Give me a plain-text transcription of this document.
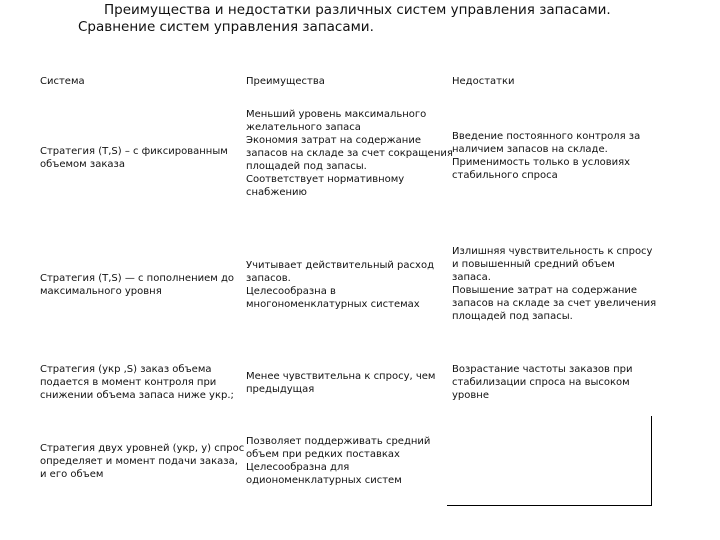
Преимущества и недостатки различных систем управления запасами.
Сравнение систем управления запасами.
Система	Преимущества	Недостатки
Стратегия (T,S) – с фиксированным
объемом заказа
Меньший уровень максимального
желательного запаса
Экономия затрат на содержание
запасов на складе за счет сокращения
площадей под запасы.
Соответствует нормативному
снабжению
Введение постоянного контроля за
наличием запасов на складе.
Применимость только в условиях
стабильного спроса
Стратегия (T,S) — с пополнением до
максимального уровня
Учитывает действительный расход
запасов.
Целесообразна в
многономенклатурных системах
Излишняя чувствительность к спросу
и повышенный средний объем
запаса.
Повышение затрат на содержание
запасов на складе за счет увеличения
площадей под запасы.
Стратегия (укр ,S) заказ объема
подается в момент контроля при
снижении объема запаса ниже укр.;
Менее чувствительна к спросу, чем
предыдущая
Возрастание частоты заказов при
стабилизации спроса на высоком
уровне
Стратегия двух уровней (укр, у) спрос
определяет и момент подачи заказа,
и его объем
Позволяет поддерживать средний
объем при редких поставках
Целесообразна для
одиономенклатурных систем
